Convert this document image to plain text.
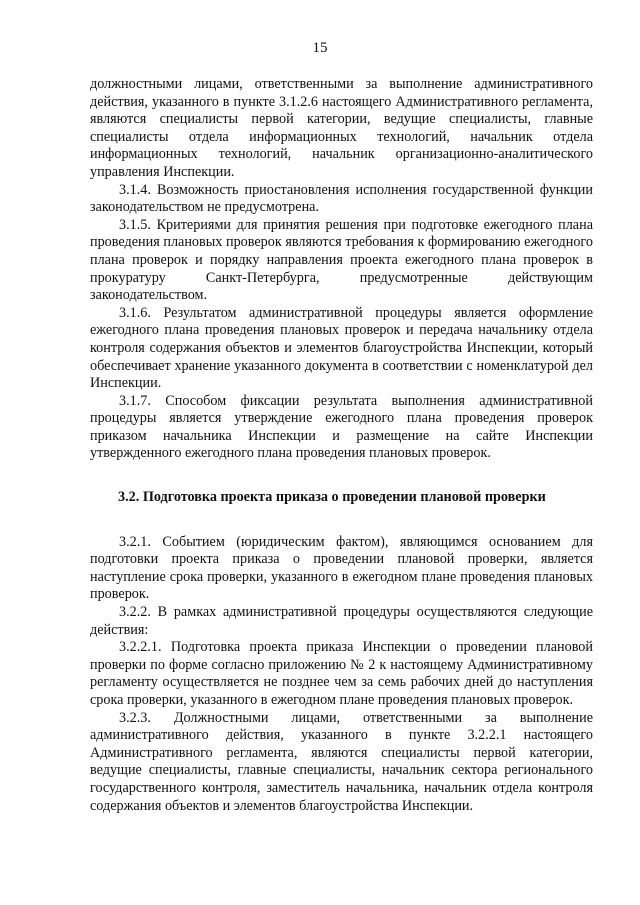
15

должностными лицами, ответственными за выполнение административного действия, указанного в пункте 3.1.2.6 настоящего Административного регламента, являются специалисты первой категории, ведущие специалисты, главные специалисты отдела информационных технологий, начальник отдела информационных технологий, начальник организационно-аналитического управления Инспекции.

3.1.4. Возможность приостановления исполнения государственной функции законодательством не предусмотрена.

3.1.5. Критериями для принятия решения при подготовке ежегодного плана проведения плановых проверок являются требования к формированию ежегодного плана проверок и порядку направления проекта ежегодного плана проверок в прокуратуру Санкт-Петербурга, предусмотренные действующим законодательством.

3.1.6. Результатом административной процедуры является оформление ежегодного плана проведения плановых проверок и передача начальнику отдела контроля содержания объектов и элементов благоустройства Инспекции, который обеспечивает хранение указанного документа в соответствии с номенклатурой дел Инспекции.

3.1.7. Способом фиксации результата выполнения административной процедуры является утверждение ежегодного плана проведения проверок приказом начальника Инспекции и размещение на сайте Инспекции утвержденного ежегодного плана проведения плановых проверок.

3.2. Подготовка проекта приказа о проведении плановой проверки

3.2.1. Событием (юридическим фактом), являющимся основанием для подготовки проекта приказа о проведении плановой проверки, является наступление срока проверки, указанного в ежегодном плане проведения плановых проверок.

3.2.2. В рамках административной процедуры осуществляются следующие действия:

3.2.2.1. Подготовка проекта приказа Инспекции о проведении плановой проверки по форме согласно приложению № 2 к настоящему Административному регламенту осуществляется не позднее чем за семь рабочих дней до наступления срока проверки, указанного в ежегодном плане проведения плановых проверок.

3.2.3. Должностными лицами, ответственными за выполнение административного действия, указанного в пункте 3.2.2.1 настоящего Административного регламента, являются специалисты первой категории, ведущие специалисты, главные специалисты, начальник сектора регионального государственного контроля, заместитель начальника, начальник отдела контроля содержания объектов и элементов благоустройства Инспекции.
